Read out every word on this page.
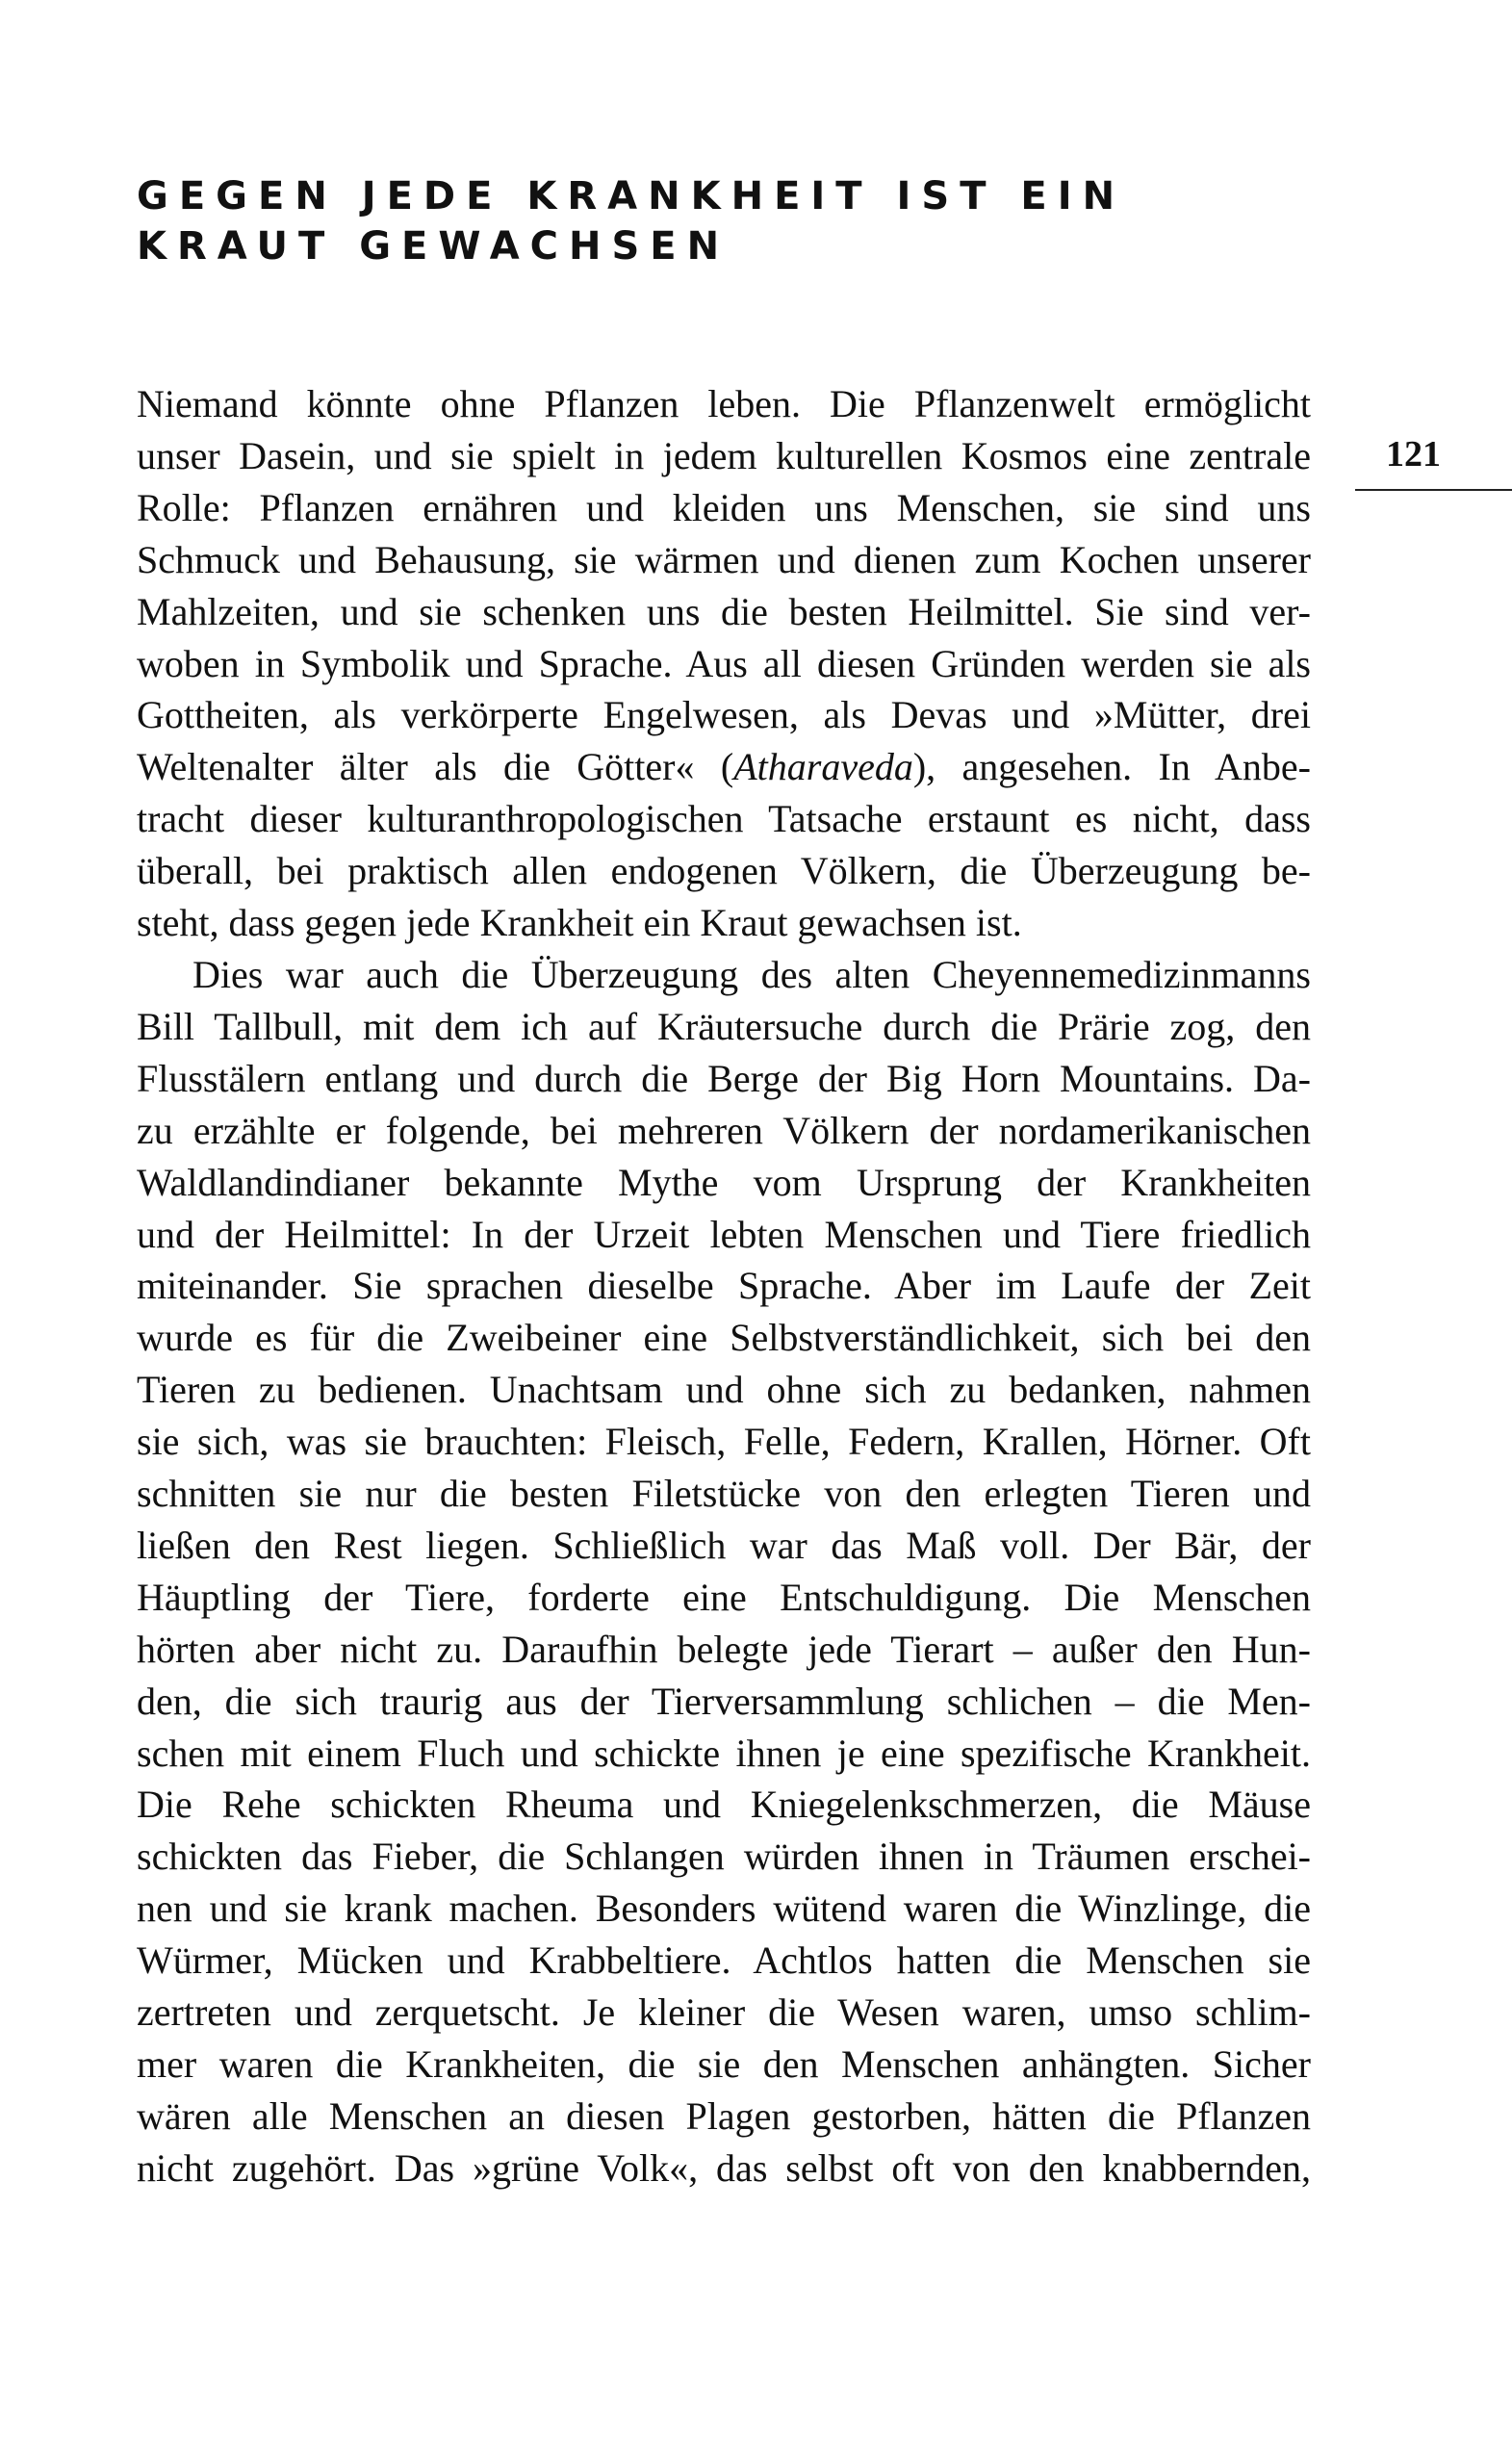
GEGEN JEDE KRANKHEIT IST EIN KRAUT GEWACHSEN
121

Niemand könnte ohne Pflanzen leben. Die Pflanzenwelt ermöglicht
unser Dasein, und sie spielt in jedem kulturellen Kosmos eine zentrale
Rolle: Pflanzen ernähren und kleiden uns Menschen, sie sind uns
Schmuck und Behausung, sie wärmen und dienen zum Kochen unserer
Mahlzeiten, und sie schenken uns die besten Heilmittel. Sie sind ver-
woben in Symbolik und Sprache. Aus all diesen Gründen werden sie als
Gottheiten, als verkörperte Engelwesen, als Devas und »Mütter, drei
Weltenalter älter als die Götter« (Atharaveda), angesehen. In Anbe-
tracht dieser kulturanthropologischen Tatsache erstaunt es nicht, dass
überall, bei praktisch allen endogenen Völkern, die Überzeugung be-
steht, dass gegen jede Krankheit ein Kraut gewachsen ist.

Dies war auch die Überzeugung des alten Cheyennemedizinmanns
Bill Tallbull, mit dem ich auf Kräutersuche durch die Prärie zog, den
Flusstälern entlang und durch die Berge der Big Horn Mountains. Da-
zu erzählte er folgende, bei mehreren Völkern der nordamerikanischen
Waldlandindianer bekannte Mythe vom Ursprung der Krankheiten
und der Heilmittel: In der Urzeit lebten Menschen und Tiere friedlich
miteinander. Sie sprachen dieselbe Sprache. Aber im Laufe der Zeit
wurde es für die Zweibeiner eine Selbstverständlichkeit, sich bei den
Tieren zu bedienen. Unachtsam und ohne sich zu bedanken, nahmen
sie sich, was sie brauchten: Fleisch, Felle, Federn, Krallen, Hörner. Oft
schnitten sie nur die besten Filetstücke von den erlegten Tieren und
ließen den Rest liegen. Schließlich war das Maß voll. Der Bär, der
Häuptling der Tiere, forderte eine Entschuldigung. Die Menschen
hörten aber nicht zu. Daraufhin belegte jede Tierart – außer den Hun-
den, die sich traurig aus der Tierversammlung schlichen – die Men-
schen mit einem Fluch und schickte ihnen je eine spezifische Krankheit.
Die Rehe schickten Rheuma und Kniegelenkschmerzen, die Mäuse
schickten das Fieber, die Schlangen würden ihnen in Träumen erschei-
nen und sie krank machen. Besonders wütend waren die Winzlinge, die
Würmer, Mücken und Krabbeltiere. Achtlos hatten die Menschen sie
zertreten und zerquetscht. Je kleiner die Wesen waren, umso schlim-
mer waren die Krankheiten, die sie den Menschen anhängten. Sicher
wären alle Menschen an diesen Plagen gestorben, hätten die Pflanzen
nicht zugehört. Das »grüne Volk«, das selbst oft von den knabbernden,
